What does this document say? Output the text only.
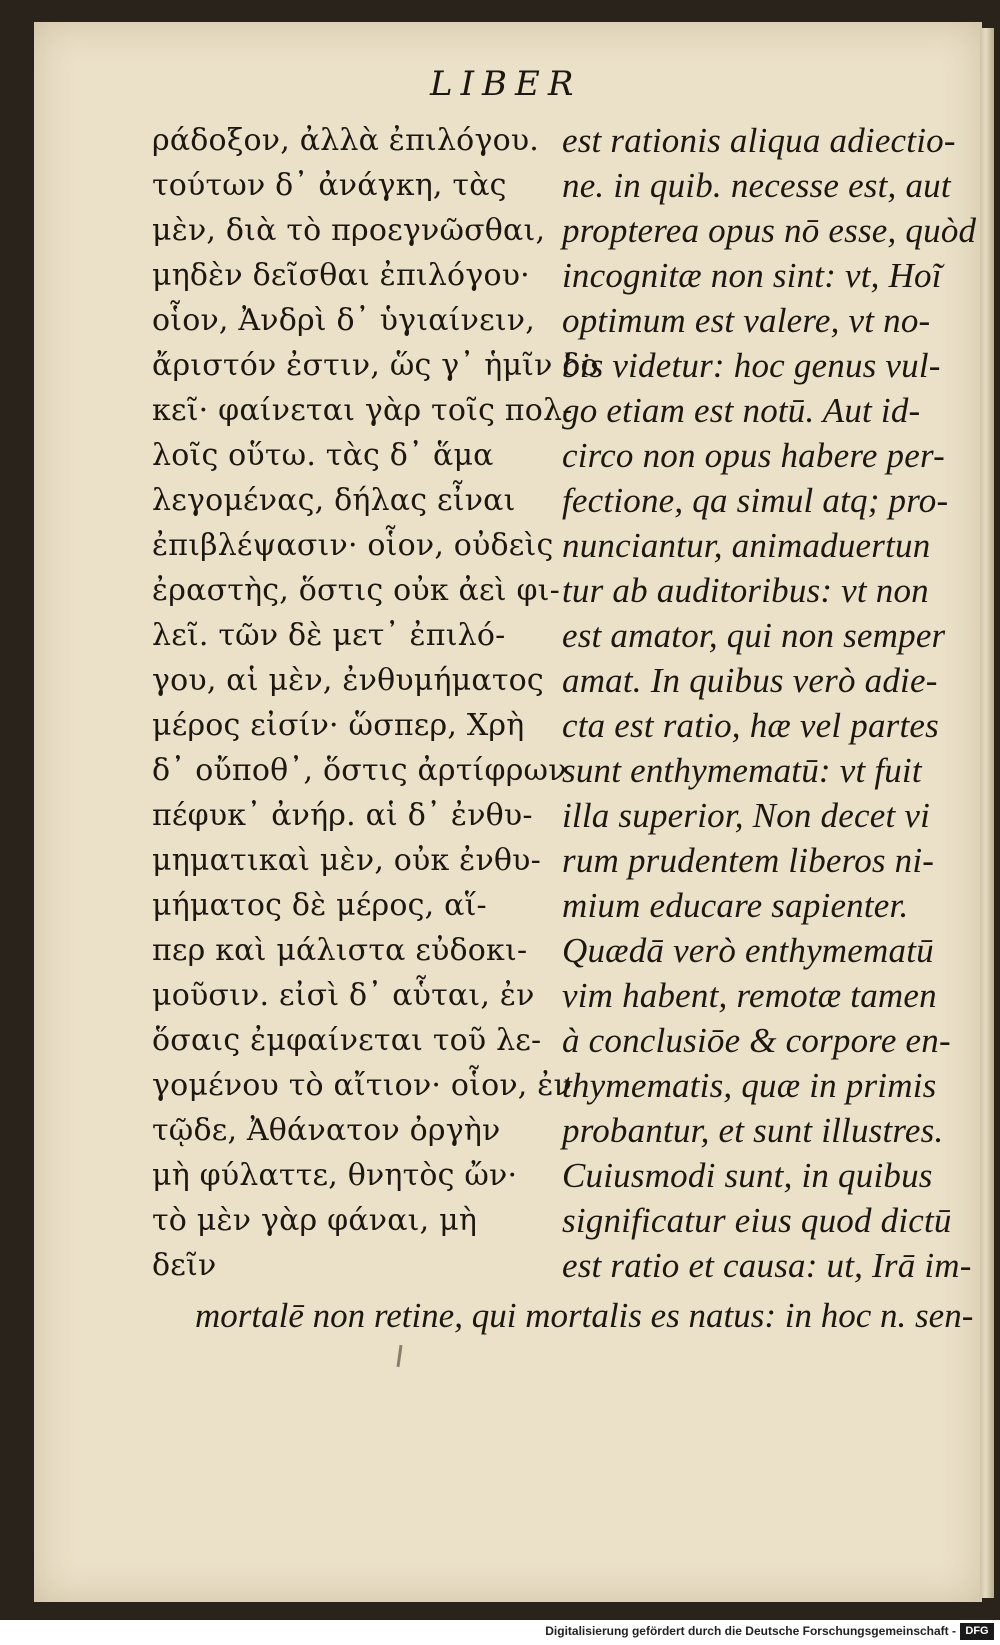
LIBER
ράδοξον, ἀλλὰ ἐπιλόγου.
τούτων δ᾽ ἀνάγκη, τὰς
μὲν, διὰ τὸ προεγνῶσθαι,
μηδὲν δεῖσθαι ἐπιλόγου·
οἷον, Ἀνδρὶ δ᾽ ὑγιαίνειν,
ἄριστόν ἐστιν, ὥς γ᾽ ἡμῖν δο
κεῖ· φαίνεται γὰρ τοῖς πολ-
λοῖς οὕτω. τὰς δ᾽ ἅμα
λεγομένας, δήλας εἶναι
ἐπιβλέψασιν· οἷον, οὐδεὶς
ἐραστὴς, ὅστις οὐκ ἀεὶ φι-
λεῖ. τῶν δὲ μετ᾽ ἐπιλό-
γου, αἱ μὲν, ἐνθυμήματος
μέρος εἰσίν· ὥσπερ, Χρὴ
δ᾽ οὔποθ᾽, ὅστις ἀρτίφρων
πέφυκ᾽ ἀνήρ. αἱ δ᾽ ἐνθυ-
μηματικαὶ μὲν, οὐκ ἐνθυ-
μήματος δὲ μέρος, αἵ-
περ καὶ μάλιστα εὐδοκι-
μοῦσιν. εἰσὶ δ᾽ αὗται, ἐν
ὅσαις ἐμφαίνεται τοῦ λε-
γομένου τὸ αἴτιον· οἷον, ἐν
τῷδε, Ἀθάνατον ὀργὴν
μὴ φύλαττε, θνητὸς ὤν·
τὸ μὲν γὰρ φάναι, μὴ
δεῖν
est rationis aliqua adiectio-
ne. in quib. necesse est, aut
propterea opus nō esse, quòd
incognitæ non sint: vt, Hoĩ
optimum est valere, vt no-
bis videtur: hoc genus vul-
go etiam est notū. Aut id-
circo non opus habere per-
fectione, qa simul atq; pro-
nunciantur, animaduertun
tur ab auditoribus: vt non
est amator, qui non semper
amat. In quibus verò adie-
cta est ratio, hæ vel partes
sunt enthymematū: vt fuit
illa superior, Non decet vi
rum prudentem liberos ni-
mium educare sapienter.
Quædā verò enthymematū
vim habent, remotæ tamen
à conclusiōe & corpore en-
thymematis, quæ in primis
probantur, et sunt illustres.
Cuiusmodi sunt, in quibus
significatur eius quod dictū
est ratio et causa: ut, Irā im-
mortalē non retine, qui mortalis es natus: in hoc n. sen-
Digitalisierung gefördert durch die Deutsche Forschungsgemeinschaft - DFG
